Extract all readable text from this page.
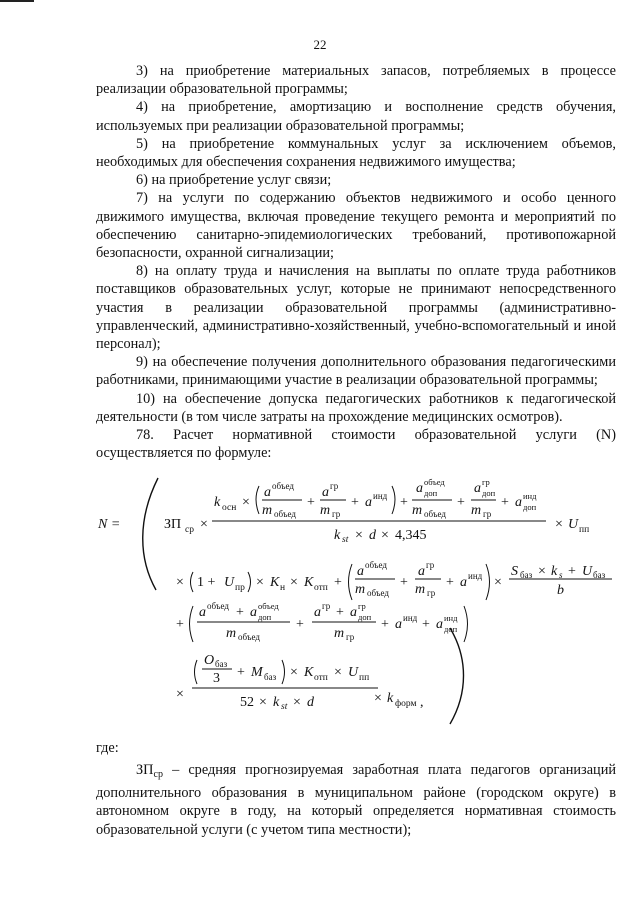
22

3) на приобретение материальных запасов, потребляемых в процессе реализации образовательной программы;

4) на приобретение, амортизацию и восполнение средств обучения, используемых при реализации образовательной программы;

5) на приобретение коммунальных услуг за исключением объемов, необходимых для обеспечения сохранения недвижимого имущества;

6) на приобретение услуг связи;

7) на услуги по содержанию объектов недвижимого и особо ценного движимого имущества, включая проведение текущего ремонта и мероприятий по обеспечению санитарно-эпидемиологических требований, противопожарной безопасности, охранной сигнализации;

8) на оплату труда и начисления на выплаты по оплате труда работников поставщиков образовательных услуг, которые не принимают непосредственного участия в реализации образовательной программы (административно-управленческий, административно-хозяйственный, учебно-вспомогательный и иной персонал);

9) на обеспечение получения дополнительного образования педагогическими работниками, принимающими участие в реализации образовательной программы;

10) на обеспечение допуска педагогических работников к педагогической деятельности (в том числе затраты на прохождение медицинских осмотров).

78. Расчет нормативной стоимости образовательной услуги (N) осуществляется по формуле:

N =	ЗП ср ×
k осн ×
a объед
m объед
+
a гр
m гр
+ a инд +
a объед
доп
m объед
+
a гр
доп
m гр
+ a инд
доп
k st × d × 4,345
× U пп
× 1 + U пр × K н × K отп +
a объед
m объед
+
a гр
m гр
+ a инд ×
S баз × k s + U баз
b
+
a объед + a объед
доп
m объед
+
a гр + a гр
доп
m гр
+ a инд + a инд
доп
×
O баз
3 + M баз × K отп × U пп
52 × k st × d	× k форм ,
где:

$ЗП_{ср}$ – средняя прогнозируемая заработная плата педагогов организаций дополнительного образования в муниципальном районе (городском округе) в автономном округе в году, на который определяется нормативная стоимость образовательной услуги (с учетом типа местности);
